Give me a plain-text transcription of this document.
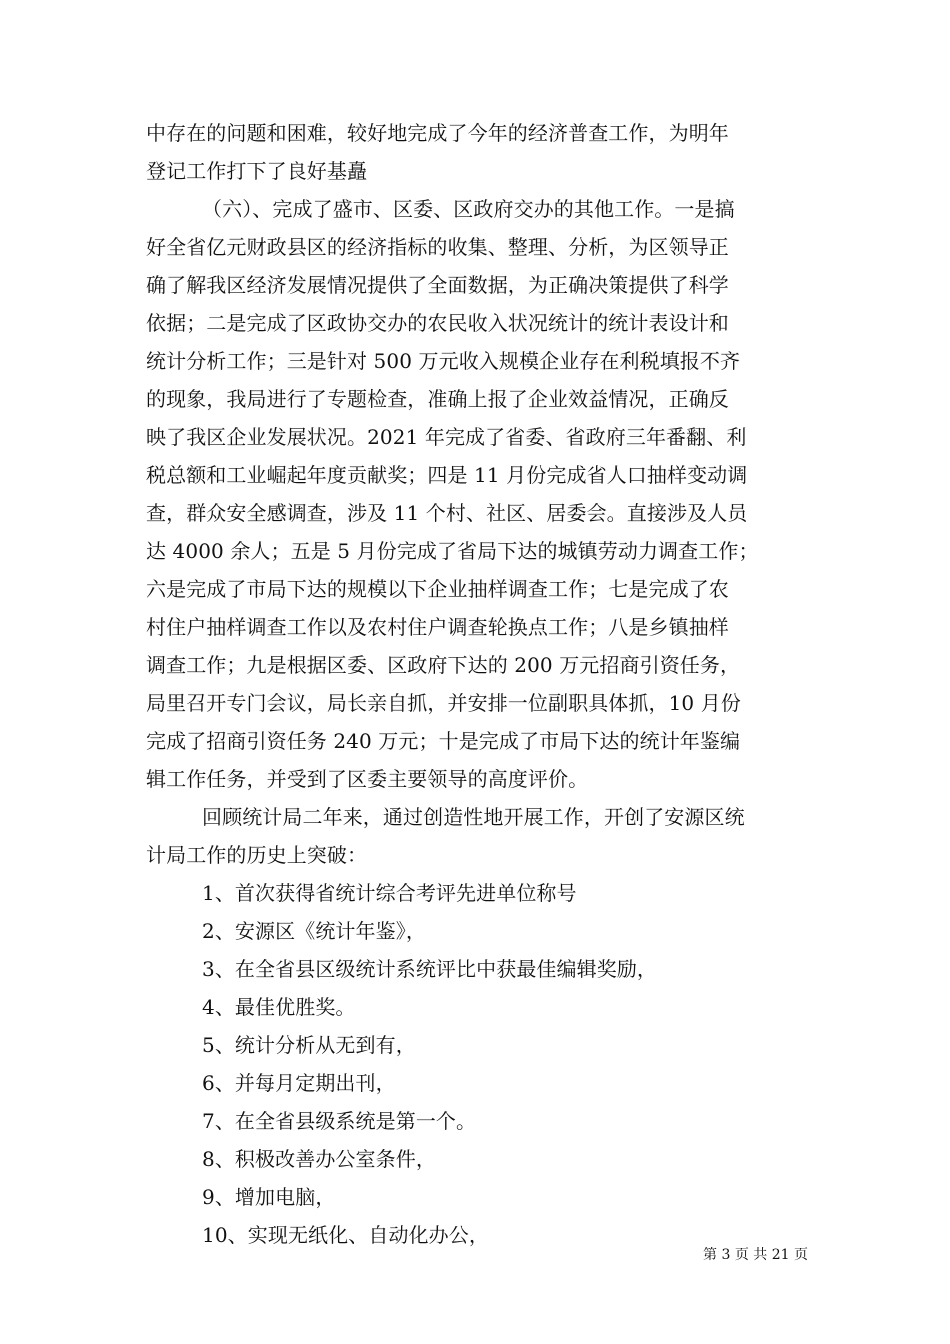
中存在的问题和困难，较好地完成了今年的经济普查工作，为明年
登记工作打下了良好基矗
（六）、完成了盛市、区委、区政府交办的其他工作。一是搞
好全省亿元财政县区的经济指标的收集、整理、分析，为区领导正
确了解我区经济发展情况提供了全面数据，为正确决策提供了科学
依据；二是完成了区政协交办的农民收入状况统计的统计表设计和
统计分析工作；三是针对 500 万元收入规模企业存在利税填报不齐
的现象，我局进行了专题检查，准确上报了企业效益情况，正确反
映了我区企业发展状况。2021 年完成了省委、省政府三年番翻、利
税总额和工业崛起年度贡献奖；四是 11 月份完成省人口抽样变动调
查，群众安全感调查，涉及 11 个村、社区、居委会。直接涉及人员
达 4000 余人；五是 5 月份完成了省局下达的城镇劳动力调查工作；
六是完成了市局下达的规模以下企业抽样调查工作；七是完成了农
村住户抽样调查工作以及农村住户调查轮换点工作；八是乡镇抽样
调查工作；九是根据区委、区政府下达的 200 万元招商引资任务，
局里召开专门会议，局长亲自抓，并安排一位副职具体抓，10 月份
完成了招商引资任务 240 万元；十是完成了市局下达的统计年鉴编
辑工作任务，并受到了区委主要领导的高度评价。
回顾统计局二年来，通过创造性地开展工作，开创了安源区统
计局工作的历史上突破：
1、首次获得省统计综合考评先进单位称号
2、安源区《统计年鉴》，
3、在全省县区级统计系统评比中获最佳编辑奖励，
4、最佳优胜奖。
5、统计分析从无到有，
6、并每月定期出刊，
7、在全省县级系统是第一个。
8、积极改善办公室条件，
9、增加电脑，
10、实现无纸化、自动化办公，
第 3 页 共 21 页
